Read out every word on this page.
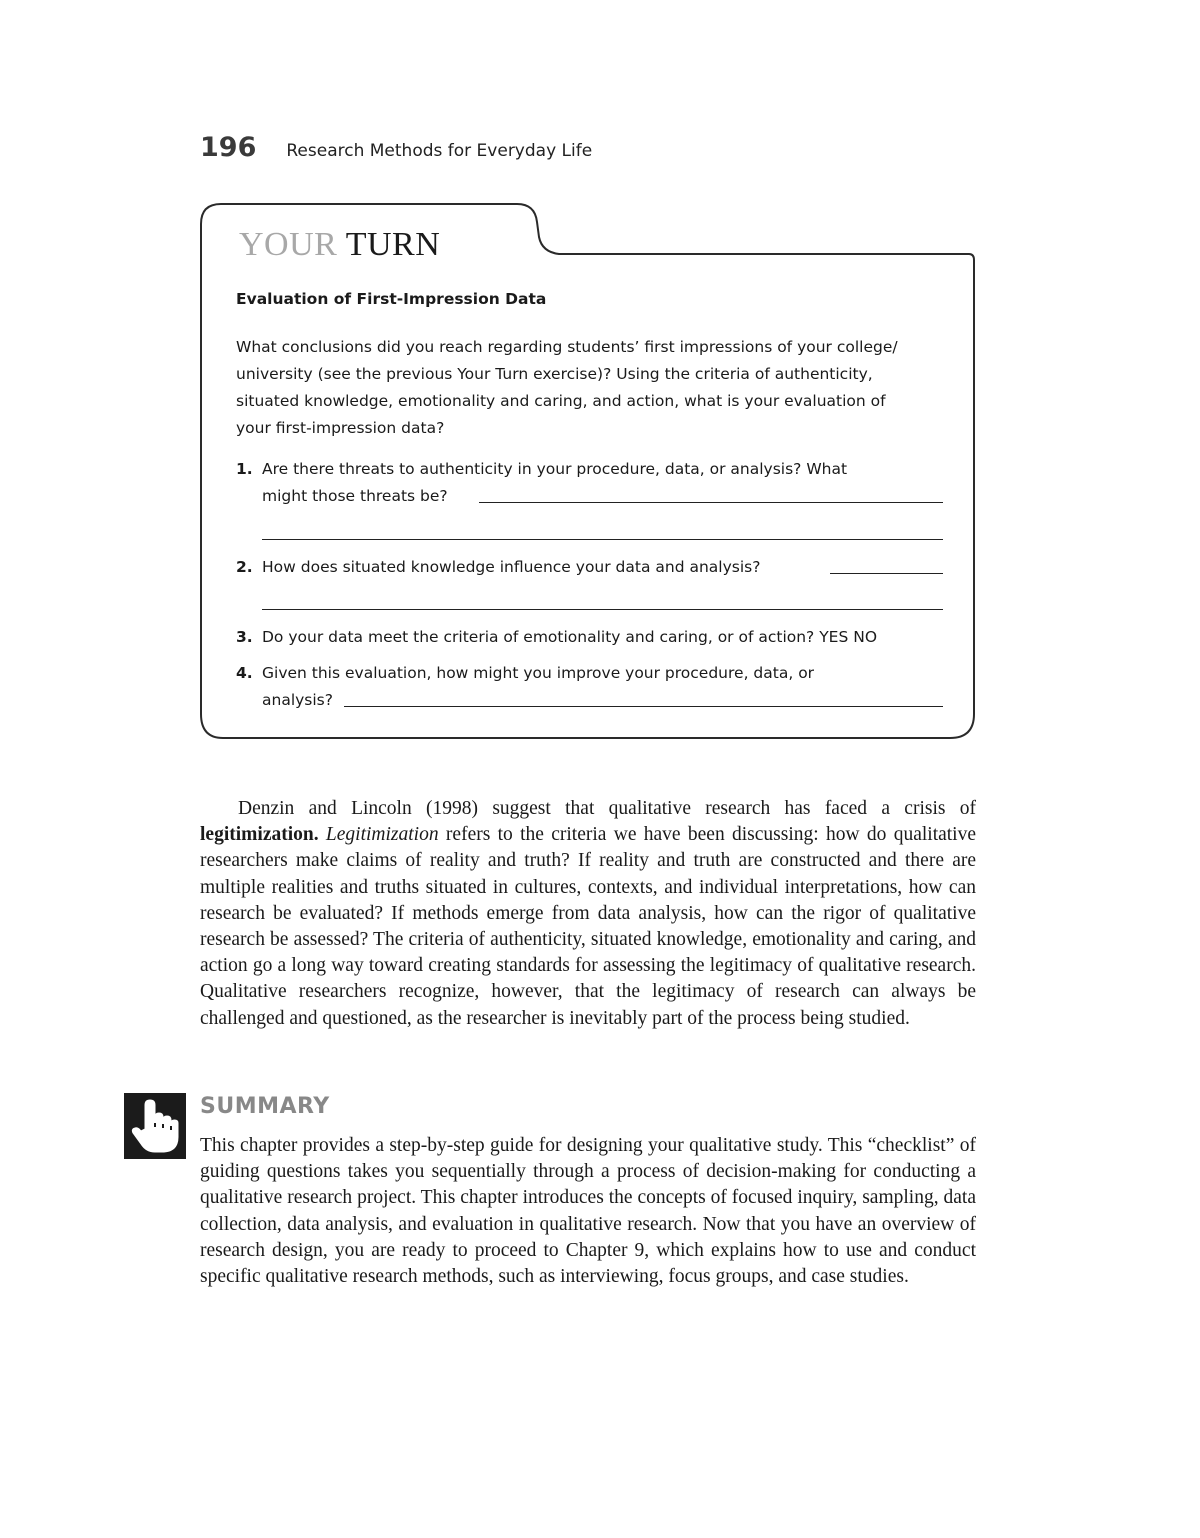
196 Research Methods for Everyday Life
YOUR TURN
Evaluation of First-Impression Data
What conclusions did you reach regarding students’ first impressions of your college/
university (see the previous Your Turn exercise)? Using the criteria of authenticity,
situated knowledge, emotionality and caring, and action, what is your evaluation of
your first-impression data?
1. Are there threats to authenticity in your procedure, data, or analysis? What
might those threats be?
2. How does situated knowledge influence your data and analysis?
3. Do your data meet the criteria of emotionality and caring, or of action? YES NO
4. Given this evaluation, how might you improve your procedure, data, or
analysis?
Denzin and Lincoln (1998) suggest that qualitative research has faced a crisis of legitimization. Legitimization refers to the criteria we have been discussing: how do qualitative researchers make claims of reality and truth? If reality and truth are constructed and there are multiple realities and truths situated in cultures, contexts, and individual interpretations, how can research be evaluated? If methods emerge from data analysis, how can the rigor of qualitative research be assessed? The criteria of authenticity, situated knowledge, emotionality and caring, and action go a long way toward creating standards for assessing the legitimacy of qualitative research. Qualitative researchers recognize, however, that the legitimacy of research can always be challenged and questioned, as the researcher is inevitably part of the process being studied.
SUMMARY
This chapter provides a step-by-step guide for designing your qualitative study. This “checklist” of guiding questions takes you sequentially through a process of decision-making for conducting a qualitative research project. This chapter introduces the concepts of focused inquiry, sampling, data collection, data analysis, and evaluation in qualitative research. Now that you have an overview of research design, you are ready to proceed to Chapter 9, which explains how to use and conduct specific qualitative research methods, such as interviewing, focus groups, and case studies.
